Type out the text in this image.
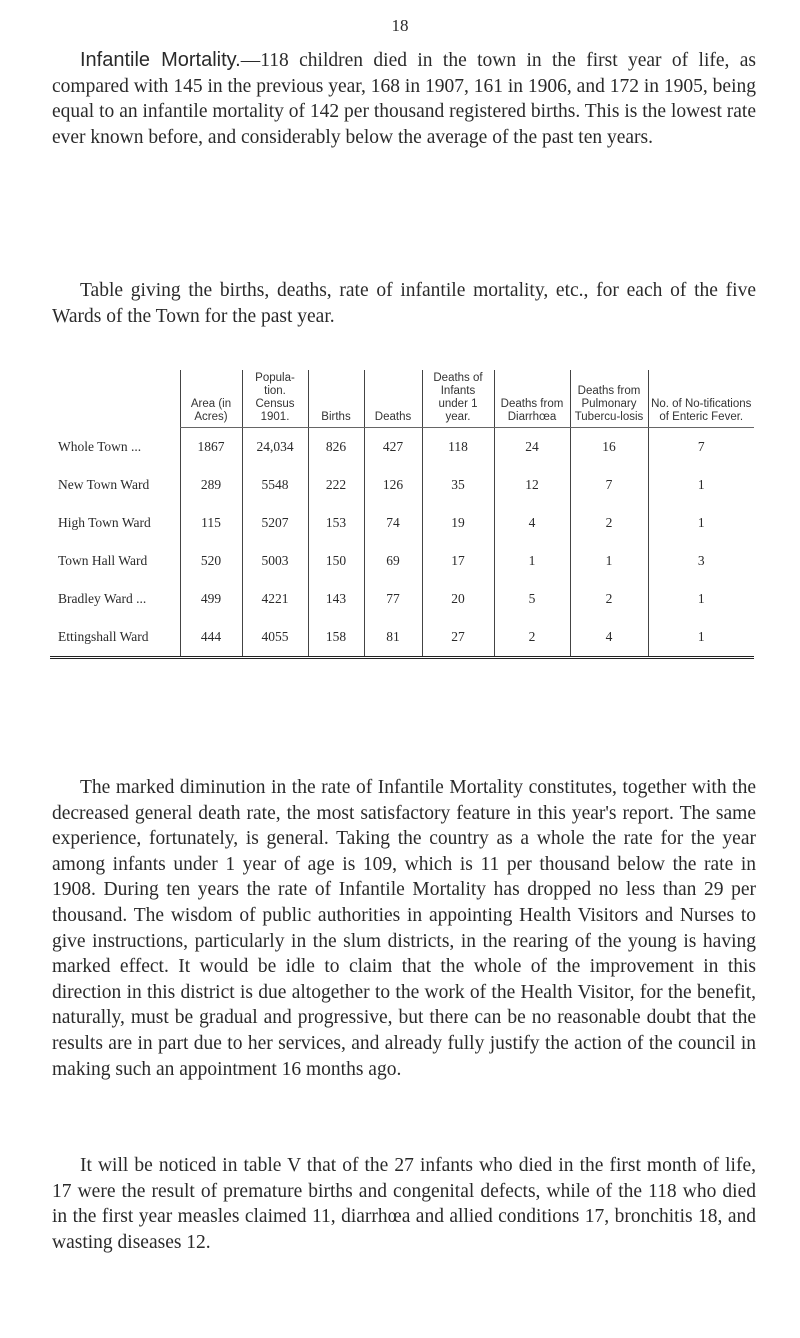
18

Infantile Mortality.—118 children died in the town in the first year of life, as compared with 145 in the previous year, 168 in 1907, 161 in 1906, and 172 in 1905, being equal to an infantile mortality of 142 per thousand registered births. This is the lowest rate ever known before, and considerably below the average of the past ten years.

Table giving the births, deaths, rate of infantile mortality, etc., for each of the five Wards of the Town for the past year.

	Area (in Acres)	Popula-tion. Census 1901.	Births	Deaths	Deaths of Infants under 1 year.	Deaths from Diarrhœa	Deaths from Pulmonary Tubercu-losis	No. of No-tifications of Enteric Fever.
Whole Town ...	1867	24,034	826	427	118	24	16	7
New Town Ward	289	5548	222	126	35	12	7	1
High Town Ward	115	5207	153	74	19	4	2	1
Town Hall Ward	520	5003	150	69	17	1	1	3
Bradley Ward ...	499	4221	143	77	20	5	2	1
Ettingshall Ward	444	4055	158	81	27	2	4	1

The marked diminution in the rate of Infantile Mortality constitutes, together with the decreased general death rate, the most satisfactory feature in this year's report. The same experience, fortunately, is general. Taking the country as a whole the rate for the year among infants under 1 year of age is 109, which is 11 per thousand below the rate in 1908. During ten years the rate of Infantile Mortality has dropped no less than 29 per thousand. The wisdom of public authorities in appointing Health Visitors and Nurses to give instructions, particularly in the slum districts, in the rearing of the young is having marked effect. It would be idle to claim that the whole of the improvement in this direction in this district is due altogether to the work of the Health Visitor, for the benefit, naturally, must be gradual and progressive, but there can be no reasonable doubt that the results are in part due to her services, and already fully justify the action of the council in making such an appointment 16 months ago.

It will be noticed in table V that of the 27 infants who died in the first month of life, 17 were the result of premature births and congenital defects, while of the 118 who died in the first year measles claimed 11, diarrhœa and allied conditions 17, bronchitis 18, and wasting diseases 12.
